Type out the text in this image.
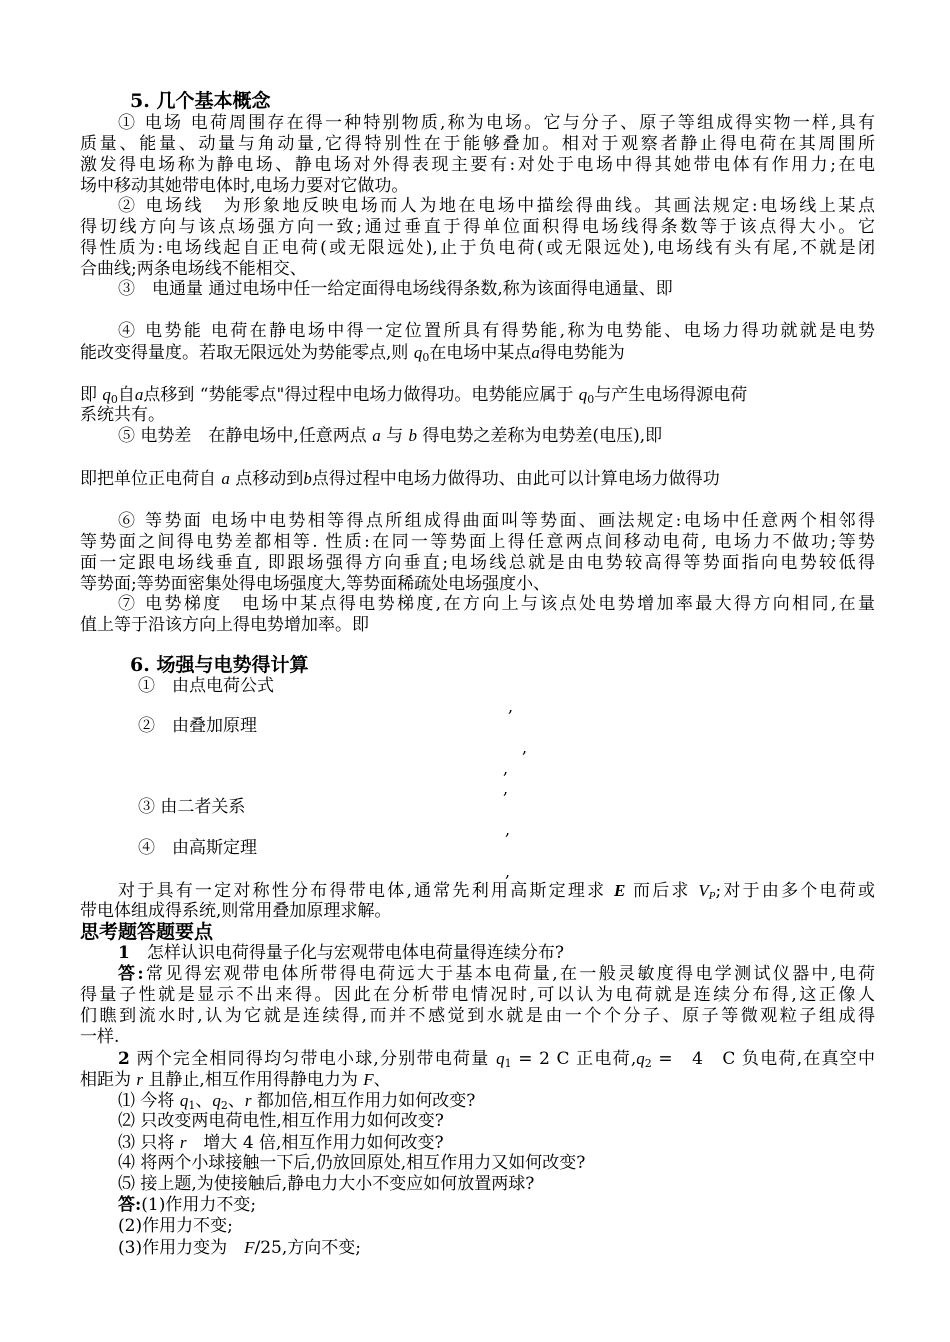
5. 几个基本概念
① 电场 电荷周围存在得一种特别物质,称为电场。它与分子、原子等组成得实物一样,具有
质量、能量、动量与角动量,它得特别性在于能够叠加。相对于观察者静止得电荷在其周围所
激发得电场称为静电场、静电场对外得表现主要有:对处于电场中得其她带电体有作用力;在电
场中移动其她带电体时,电场力要对它做功。
② 电场线　为形象地反映电场而人为地在电场中描绘得曲线。其画法规定:电场线上某点
得切线方向与该点场强方向一致;通过垂直于得单位面积得电场线得条数等于该点得大小。它
得性质为:电场线起自正电荷(或无限远处),止于负电荷(或无限远处),电场线有头有尾,不就是闭
合曲线;两条电场线不能相交、
③　电通量 通过电场中任一给定面得电场线得条数,称为该面得电通量、即
④ 电势能 电荷在静电场中得一定位置所具有得势能,称为电势能、电场力得功就就是电势
能改变得量度。若取无限远处为势能零点,则 $q_0$在电场中某点a得电势能为
即 $q_0$自a点移到 “势能零点"得过程中电场力做得功。电势能应属于 $q_0$与产生电场得源电荷
系统共有。
⑤ 电势差　在静电场中,任意两点 a 与 b 得电势之差称为电势差(电压),即
即把单位正电荷自 a 点移动到b点得过程中电场力做得功、由此可以计算电场力做得功
⑥ 等势面 电场中电势相等得点所组成得曲面叫等势面、画法规定:电场中任意两个相邻得
等势面之间得电势差都相等. 性质:在同一等势面上得任意两点间移动电荷, 电场力不做功;等势
面一定跟电场线垂直, 即跟场强得方向垂直;电场线总就是由电势较高得等势面指向电势较低得
等势面;等势面密集处得电场强度大,等势面稀疏处电场强度小、
⑦ 电势梯度　电场中某点得电势梯度,在方向上与该点处电势增加率最大得方向相同,在量
值上等于沿该方向上得电势增加率。即
6. 场强与电势得计算
①　由点电荷公式
②　由叠加原理
③ 由二者关系
④　由高斯定理
,
,
,
,
,
,
对于具有一定对称性分布得带电体,通常先利用高斯定理求 E 而后求 $V_P$;对于由多个电荷或
带电体组成得系统,则常用叠加原理求解。
思考题答题要点
1　怎样认识电荷得量子化与宏观带电体电荷量得连续分布?
答:常见得宏观带电体所带得电荷远大于基本电荷量,在一般灵敏度得电学测试仪器中,电荷
得量子性就是显示不出来得。因此在分析带电情况时,可以认为电荷就是连续分布得,这正像人
们瞧到流水时,认为它就是连续得,而并不感觉到水就是由一个个分子、原子等微观粒子组成得
一样.
2 两个完全相同得均匀带电小球,分别带电荷量 $q_1 = 2$ C 正电荷$,q_2$ =　4　C 负电荷,在真空中
相距为 r 且静止,相互作用得静电力为 F、
⑴ 今将 $q_1$、$q_2$、r 都加倍,相互作用力如何改变?
⑵ 只改变两电荷电性,相互作用力如何改变?
⑶ 只将 r　增大 4 倍,相互作用力如何改变?
⑷ 将两个小球接触一下后,仍放回原处,相互作用力又如何改变?
⑸ 接上题,为使接触后,静电力大小不变应如何放置两球?
答:(1)作用力不变;
(2)作用力不变;
(3)作用力变为　F/25,方向不变;
